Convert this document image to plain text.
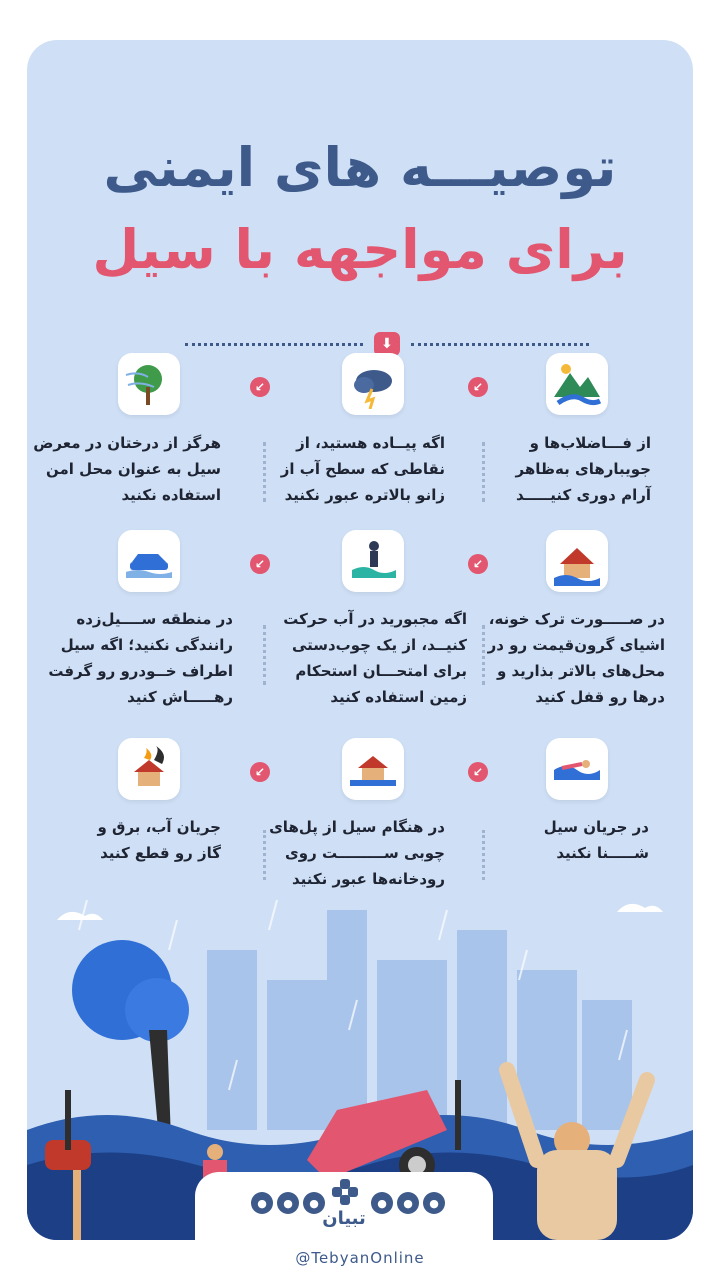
توصیـــه های ایمنی
برای مواجهه با سیل
⬇
از فـــاضلاب‌ها و
جویبارهای به‌ظاهر
آرام دوری کنیـــــد
اگه پیــاده هستید، از
نقاطی که سطح آب از
زانو بالاتره عبور نکنید
هرگز از درختان در معرض
سیل به عنوان محل امن
استفاده نکنید
↙
↙
در صـــــورت ترک خونه،
اشیای گرون‌قیمت رو در
محل‌های بالاتر بذارید و
درها رو قفل کنید
اگه مجبورید در آب حرکت
کنیــد، از یک چوب‌دستی
برای امتحـــان استحکام
زمین استفاده کنید
در منطقه ســــیل‌زده
رانندگی نکنید؛ اگه سیل
اطراف خــودرو رو گرفت
رهـــــاش کنید
↙
↙
در جریان سیل
شـــــنا نکنید
در هنگام سیل از پل‌های
چوبی ســـــــــت روی
رودخانه‌ها عبور نکنید
جریان آب، برق و
گاز رو قطع کنید
↙
↙
●	●	●	●	●	●
تبیان
@TebyanOnline
